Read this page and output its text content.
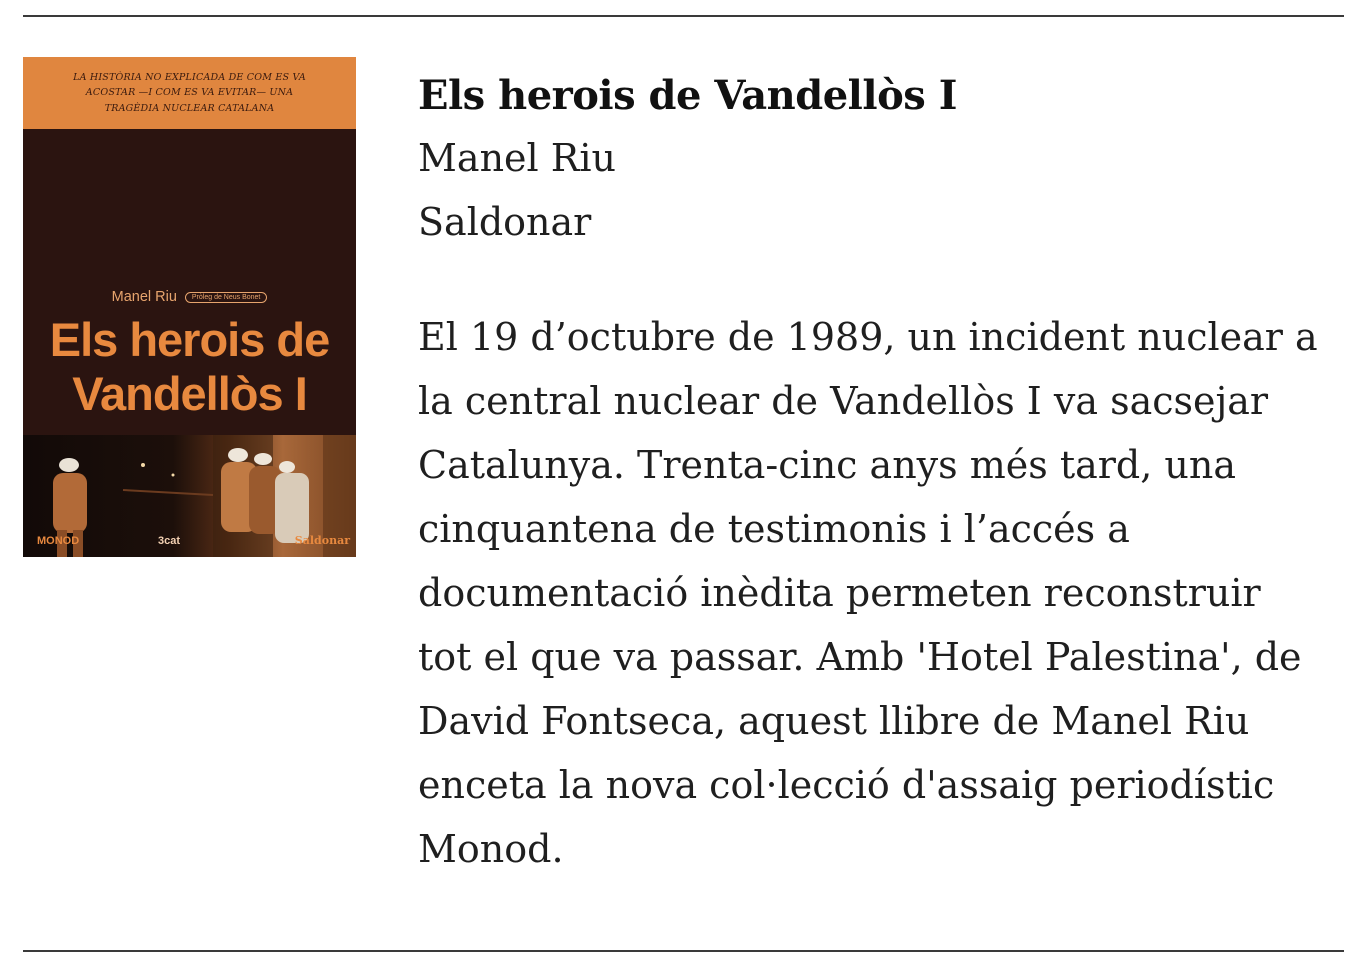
LA HISTÒRIA NO EXPLICADA DE COM ES VA ACOSTAR —I COM ES VA EVITAR— UNA TRAGÈDIA NUCLEAR CATALANA
Manel Riu	Pròleg de Neus Bonet
Els herois de
Vandellòs I
MONOD	3cat	Saldonar
Els herois de Vandellòs I

Manel Riu

Saldonar

El 19 d’octubre de 1989, un incident nuclear a la central nuclear de Vandellòs I va sacsejar Catalunya. Trenta-cinc anys més tard, una cinquantena de testimonis i l’accés a documentació inèdita permeten reconstruir tot el que va passar. Amb 'Hotel Palestina', de David Fontseca, aquest llibre de Manel Riu enceta la nova col·lecció d'assaig periodístic Monod.
